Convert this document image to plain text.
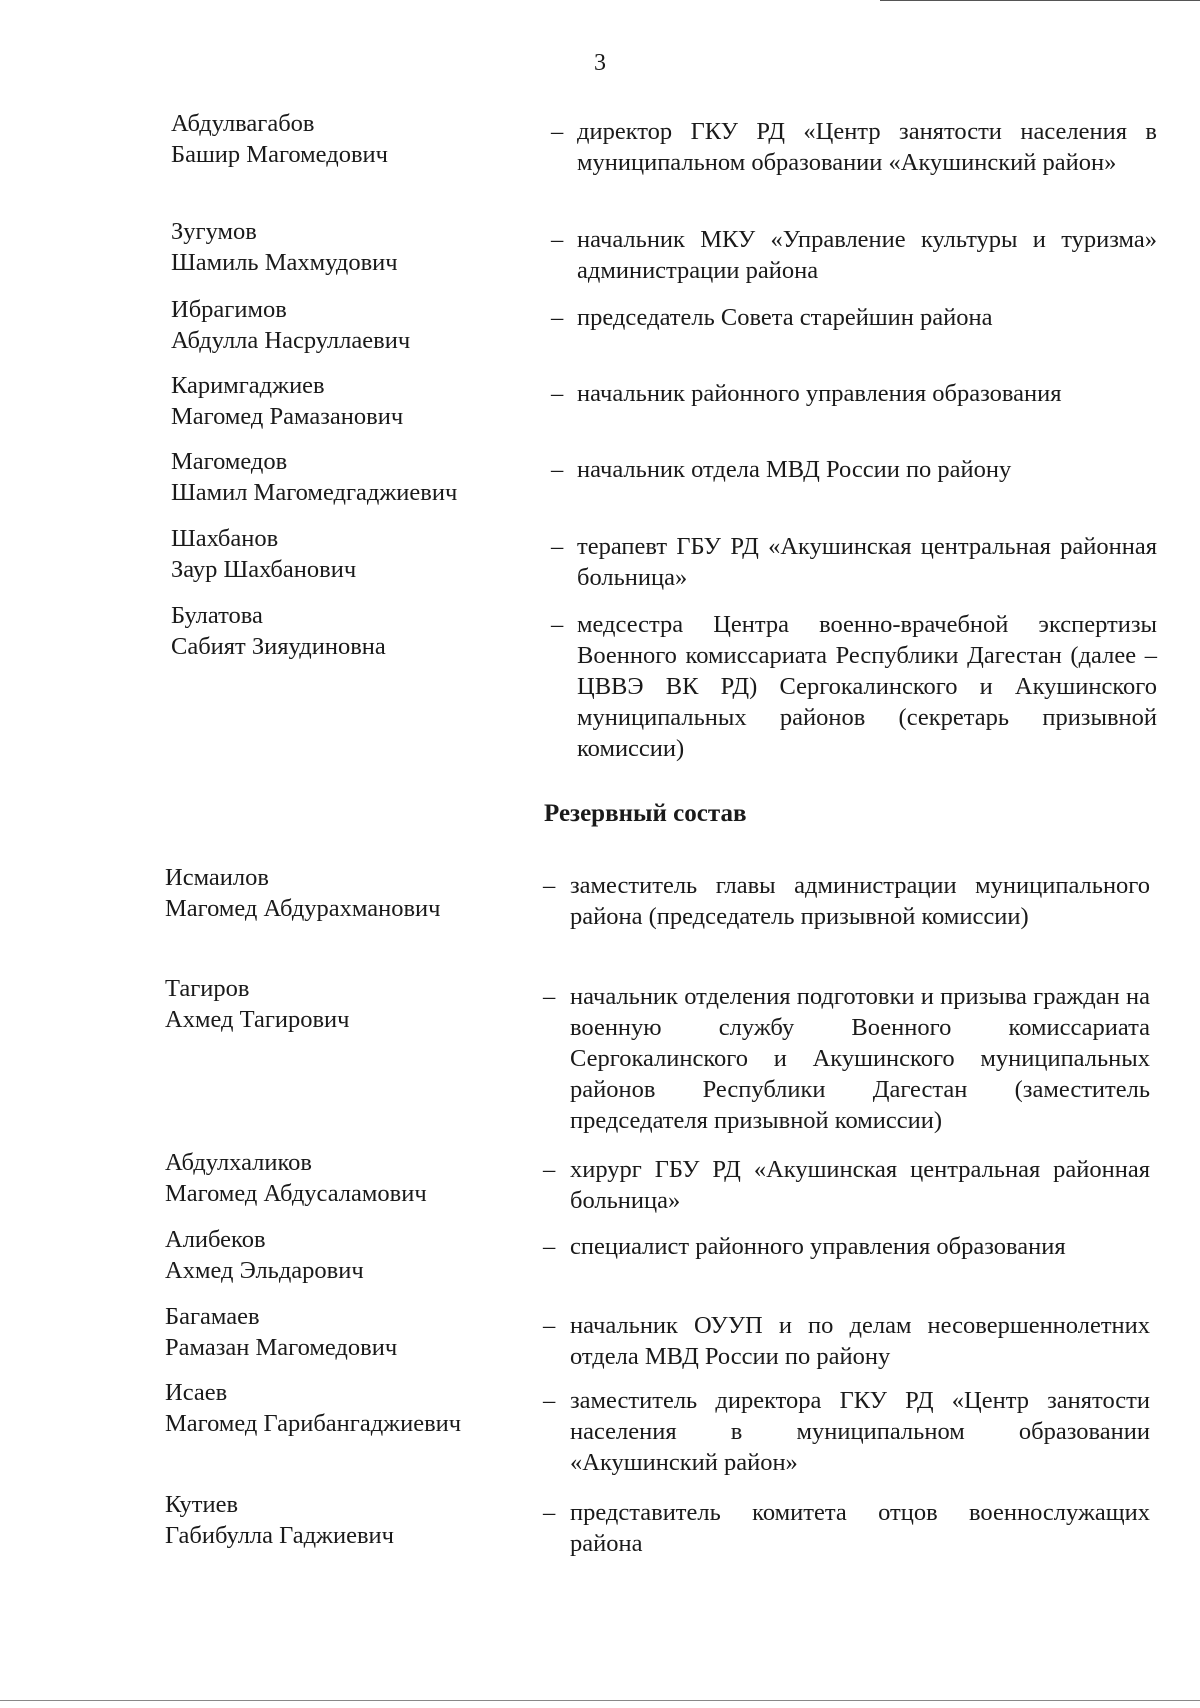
3
Абдулвагабов
Башир Магомедович
– директор ГКУ РД «Центр занятости населения в муниципальном образовании «Акушинский район»
Зугумов
Шамиль Махмудович
– начальник МКУ «Управление культуры и туризма» администрации района
Ибрагимов
Абдулла Насруллаевич
– председатель Совета старейшин района
Каримгаджиев
Магомед Рамазанович
– начальник районного управления образования
Магомедов
Шамил Магомедгаджиевич
– начальник отдела МВД России по району
Шахбанов
Заур Шахбанович
– терапевт ГБУ РД «Акушинская центральная районная больница»
Булатова
Сабият Зияудиновна
– медсестра Центра военно-врачебной экспертизы Военного комиссариата Республики Дагестан (далее – ЦВВЭ ВК РД) Сергокалинского и Акушинского муниципальных районов (секретарь призывной комиссии)
Резервный состав
Исмаилов
Магомед Абдурахманович
– заместитель главы администрации муниципального района (председатель призывной комиссии)
Тагиров
Ахмед Тагирович
– начальник отделения подготовки и призыва граждан на военную службу Военного комиссариата Сергокалинского и Акушинского муниципальных районов Республики Дагестан (заместитель председателя призывной комиссии)
Абдулхаликов
Магомед Абдусаламович
– хирург ГБУ РД «Акушинская центральная районная больница»
Алибеков
Ахмед Эльдарович
– специалист районного управления образования
Багамаев
Рамазан Магомедович
– начальник ОУУП и по делам несовершеннолетних отдела МВД России по району
Исаев
Магомед Гарибангаджиевич
– заместитель директора ГКУ РД «Центр занятости населения в муниципальном образовании «Акушинский район»
Кутиев
Габибулла Гаджиевич
– представитель комитета отцов военнослужащих района
